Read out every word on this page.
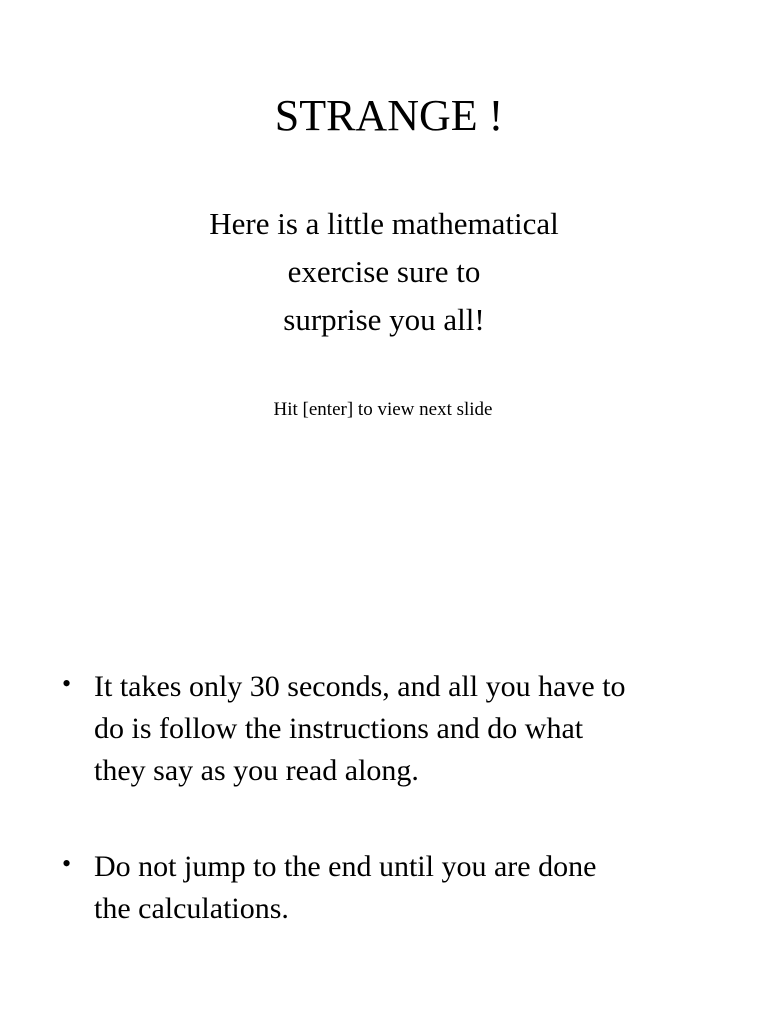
STRANGE !
Here is a little mathematical
exercise sure to
surprise you all!
Hit [enter] to view next slide
• It takes only 30 seconds, and all you have to
do is follow the instructions and do what
they say as you read along.
• Do not jump to the end until you are done
the calculations.
